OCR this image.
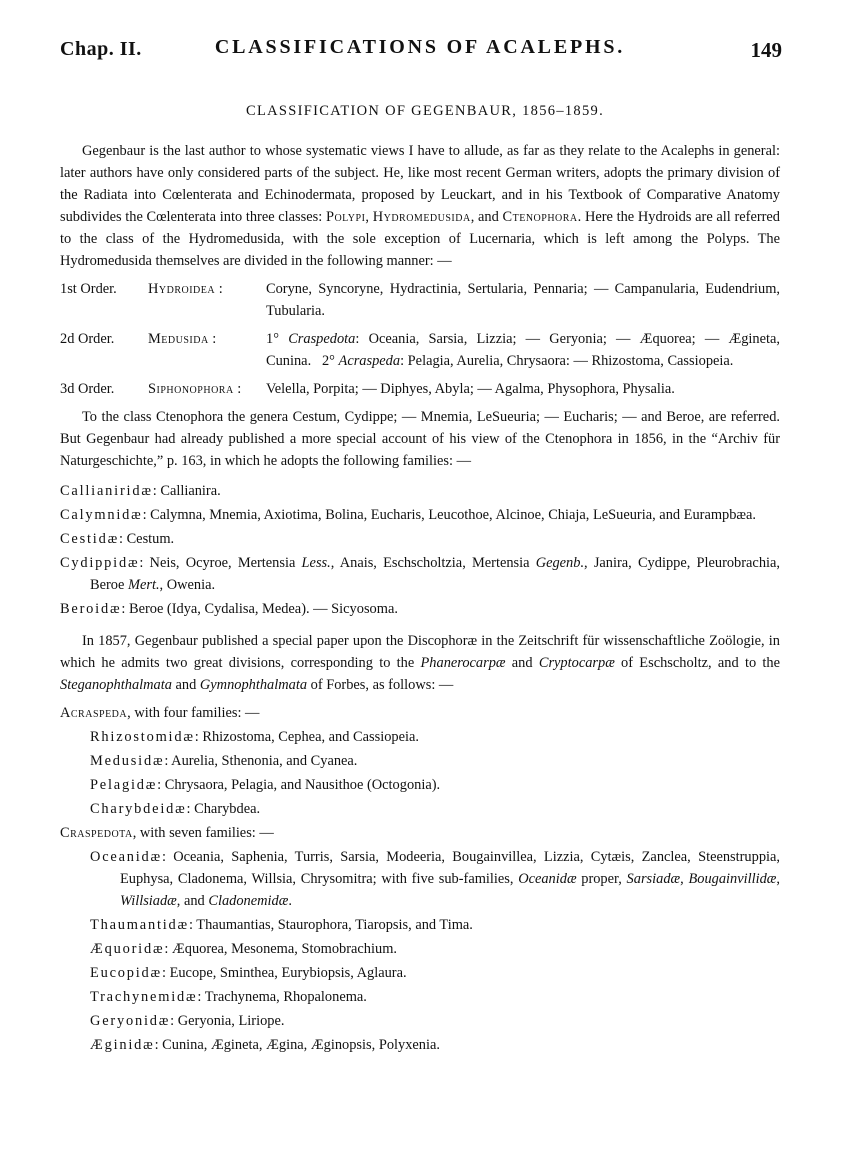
Chap. II.	CLASSIFICATIONS OF ACALEPHS.	149
CLASSIFICATION OF GEGENBAUR, 1856–1859.

Gegenbaur is the last author to whose systematic views I have to allude, as far as they relate to the Acalephs in general: later authors have only considered parts of the subject. He, like most recent German writers, adopts the primary division of the Radiata into Cœlenterata and Echinodermata, proposed by Leuckart, and in his Textbook of Comparative Anatomy subdivides the Cœlenterata into three classes: Polypi, Hydromedusida, and Ctenophora. Here the Hydroids are all referred to the class of the Hydromedusida, with the sole exception of Lucernaria, which is left among the Polyps. The Hydromedusida themselves are divided in the following manner: —

1st Order.	Hydroidea :	Coryne, Syncoryne, Hydractinia, Sertularia, Pennaria; — Campanularia, Eudendrium, Tubularia.
2d Order.	Medusida :	1° Craspedota: Oceania, Sarsia, Lizzia; — Geryonia; — Æquorea; — Ægineta, Cunina. 2° Acraspeda: Pelagia, Aurelia, Chrysaora: — Rhizostoma, Cassiopeia.
3d Order.	Siphonophora :	Velella, Porpita; — Diphyes, Abyla; — Agalma, Physophora, Physalia.

To the class Ctenophora the genera Cestum, Cydippe; — Mnemia, LeSueuria; — Eucharis; — and Beroe, are referred. But Gegenbaur had already published a more special account of his view of the Ctenophora in 1856, in the “Archiv für Naturgeschichte,” p. 163, in which he adopts the following families: —

Callianiridæ: Callianira.

Calymnidæ: Calymna, Mnemia, Axiotima, Bolina, Eucharis, Leucothoe, Alcinoe, Chiaja, LeSueuria, and Eurampbæa.

Cestidæ: Cestum.

Cydippidæ: Neis, Ocyroe, Mertensia Less., Anais, Eschscholtzia, Mertensia Gegenb., Janira, Cydippe, Pleurobrachia, Beroe Mert., Owenia.

Beroidæ: Beroe (Idya, Cydalisa, Medea). — Sicyosoma.

In 1857, Gegenbaur published a special paper upon the Discophoræ in the Zeitschrift für wissenschaftliche Zoölogie, in which he admits two great divisions, corresponding to the Phanerocarpæ and Cryptocarpæ of Eschscholtz, and to the Steganophthalmata and Gymnophthalmata of Forbes, as follows: —

Acraspeda, with four families: —

Rhizostomidæ: Rhizostoma, Cephea, and Cassiopeia.

Medusidæ: Aurelia, Sthenonia, and Cyanea.

Pelagidæ: Chrysaora, Pelagia, and Nausithoe (Octogonia).

Charybdeidæ: Charybdea.

Craspedota, with seven families: —

Oceanidæ: Oceania, Saphenia, Turris, Sarsia, Modeeria, Bougainvillea, Lizzia, Cytæis, Zanclea, Steenstruppia, Euphysa, Cladonema, Willsia, Chrysomitra; with five sub-families, Oceanidæ proper, Sarsiadæ, Bougainvillidæ, Willsiadæ, and Cladonemidæ.

Thaumantidæ: Thaumantias, Staurophora, Tiaropsis, and Tima.

Æquoridæ: Æquorea, Mesonema, Stomobrachium.

Eucopidæ: Eucope, Sminthea, Eurybiopsis, Aglaura.

Trachynemidæ: Trachynema, Rhopalonema.

Geryonidæ: Geryonia, Liriope.

Æginidæ: Cunina, Ægineta, Ægina, Æginopsis, Polyxenia.
